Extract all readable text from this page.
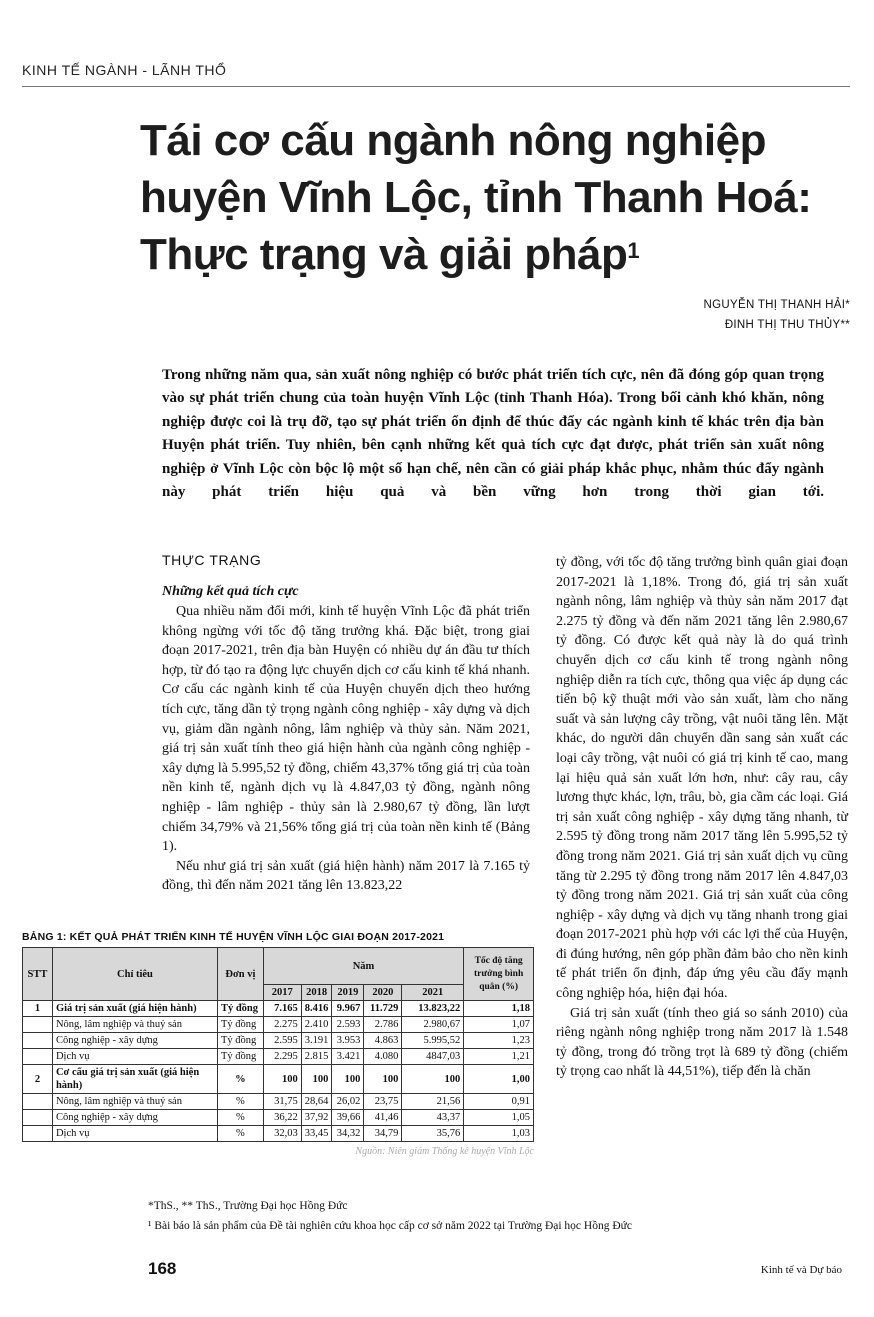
KINH TẾ NGÀNH - LÃNH THỔ
Tái cơ cấu ngành nông nghiệp huyện Vĩnh Lộc, tỉnh Thanh Hoá: Thực trạng và giải pháp$^1$
NGUYỄN THỊ THANH HẢI*
ĐINH THỊ THU THỦY**

Trong những năm qua, sản xuất nông nghiệp có bước phát triển tích cực, nên đã đóng góp quan trọng vào sự phát triển chung của toàn huyện Vĩnh Lộc (tỉnh Thanh Hóa). Trong bối cảnh khó khăn, nông nghiệp được coi là trụ đỡ, tạo sự phát triển ổn định để thúc đẩy các ngành kinh tế khác trên địa bàn Huyện phát triển. Tuy nhiên, bên cạnh những kết quả tích cực đạt được, phát triển sản xuất nông nghiệp ở Vĩnh Lộc còn bộc lộ một số hạn chế, nên cần có giải pháp khắc phục, nhằm thúc đẩy ngành này phát triển hiệu quả và bền vững hơn trong thời gian tới.

THỰC TRẠNG
Những kết quả tích cực

Qua nhiều năm đổi mới, kinh tế huyện Vĩnh Lộc đã phát triển không ngừng với tốc độ tăng trưởng khá. Đặc biệt, trong giai đoạn 2017-2021, trên địa bàn Huyện có nhiều dự án đầu tư thích hợp, từ đó tạo ra động lực chuyển dịch cơ cấu kinh tế khá nhanh. Cơ cấu các ngành kinh tế của Huyện chuyển dịch theo hướng tích cực, tăng dần tỷ trọng ngành công nghiệp - xây dựng và dịch vụ, giảm dần ngành nông, lâm nghiệp và thủy sản. Năm 2021, giá trị sản xuất tính theo giá hiện hành của ngành công nghiệp - xây dựng là 5.995,52 tỷ đồng, chiếm 43,37% tổng giá trị của toàn nền kinh tế, ngành dịch vụ là 4.847,03 tỷ đồng, ngành nông nghiệp - lâm nghiệp - thủy sản là 2.980,67 tỷ đồng, lần lượt chiếm 34,79% và 21,56% tổng giá trị của toàn nền kinh tế (Bảng 1).

Nếu như giá trị sản xuất (giá hiện hành) năm 2017 là 7.165 tỷ đồng, thì đến năm 2021 tăng lên 13.823,22

tỷ đồng, với tốc độ tăng trưởng bình quân giai đoạn 2017-2021 là 1,18%. Trong đó, giá trị sản xuất ngành nông, lâm nghiệp và thủy sản năm 2017 đạt 2.275 tỷ đồng và đến năm 2021 tăng lên 2.980,67 tỷ đồng. Có được kết quả này là do quá trình chuyển dịch cơ cấu kinh tế trong ngành nông nghiệp diễn ra tích cực, thông qua việc áp dụng các tiến bộ kỹ thuật mới vào sản xuất, làm cho năng suất và sản lượng cây trồng, vật nuôi tăng lên. Mặt khác, do người dân chuyển dần sang sản xuất các loại cây trồng, vật nuôi có giá trị kinh tế cao, mang lại hiệu quả sản xuất lớn hơn, như: cây rau, cây lương thực khác, lợn, trâu, bò, gia cầm các loại. Giá trị sản xuất công nghiệp - xây dựng tăng nhanh, từ 2.595 tỷ đồng trong năm 2017 tăng lên 5.995,52 tỷ đồng trong năm 2021. Giá trị sản xuất dịch vụ cũng tăng từ 2.295 tỷ đồng trong năm 2017 lên 4.847,03 tỷ đồng trong năm 2021. Giá trị sản xuất của công nghiệp - xây dựng và dịch vụ tăng nhanh trong giai đoạn 2017-2021 phù hợp với các lợi thế của Huyện, đi đúng hướng, nên góp phần đảm bảo cho nền kinh tế phát triển ổn định, đáp ứng yêu cầu đẩy mạnh công nghiệp hóa, hiện đại hóa.

Giá trị sản xuất (tính theo giá so sánh 2010) của riêng ngành nông nghiệp trong năm 2017 là 1.548 tỷ đồng, trong đó trồng trọt là 689 tỷ đồng (chiếm tỷ trọng cao nhất là 44,51%), tiếp đến là chăn

BẢNG 1: KẾT QUẢ PHÁT TRIỂN KINH TẾ HUYỆN VĨNH LỘC GIAI ĐOẠN 2017-2021
STT	Chỉ tiêu	Đơn vị	Năm					Tốc độ tăng trưởng bình quân (%)
			2017	2018	2019	2020	2021	
1	Giá trị sản xuất (giá hiện hành)	Tỷ đồng	7.165	8.416	9.967	11.729	13.823,22	1,18
	Nông, lâm nghiệp và thuỷ sản	Tỷ đồng	2.275	2.410	2.593	2.786	2.980,67	1,07
	Công nghiệp - xây dựng	Tỷ đồng	2.595	3.191	3.953	4.863	5.995,52	1,23
	Dịch vụ	Tỷ đồng	2.295	2.815	3.421	4.080	4847,03	1,21
2	Cơ cấu giá trị sản xuất (giá hiện hành)	%	100	100	100	100	100	1,00
	Nông, lâm nghiệp và thuỷ sản	%	31,75	28,64	26,02	23,75	21,56	0,91
	Công nghiệp - xây dựng	%	36,22	37,92	39,66	41,46	43,37	1,05
	Dịch vụ	%	32,03	33,45	34,32	34,79	35,76	1,03
Nguồn: Niên giám Thống kê huyện Vĩnh Lộc

*ThS., ** ThS., Trường Đại học Hồng Đức

¹ Bài báo là sản phẩm của Đề tài nghiên cứu khoa học cấp cơ sở năm 2022 tại Trường Đại học Hồng Đức

168	Kinh tế và Dự báo
